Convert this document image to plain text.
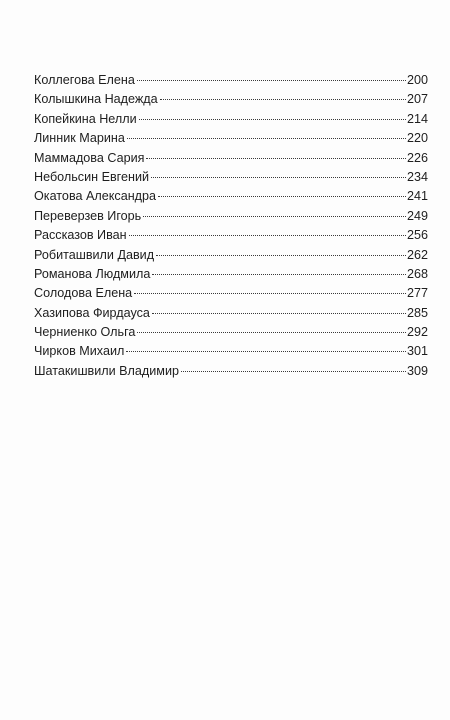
Коллегова Елена	200
Колышкина Надежда	207
Копейкина Нелли	214
Линник Марина	220
Маммадова Сария	226
Небольсин Евгений	234
Окатова Александра	241
Переверзев Игорь	249
Рассказов Иван	256
Робиташвили Давид	262
Романова Людмила	268
Солодова Елена	277
Хазипова Фирдауса	285
Черниенко Ольга	292
Чирков Михаил	301
Шатакишвили Владимир	309
